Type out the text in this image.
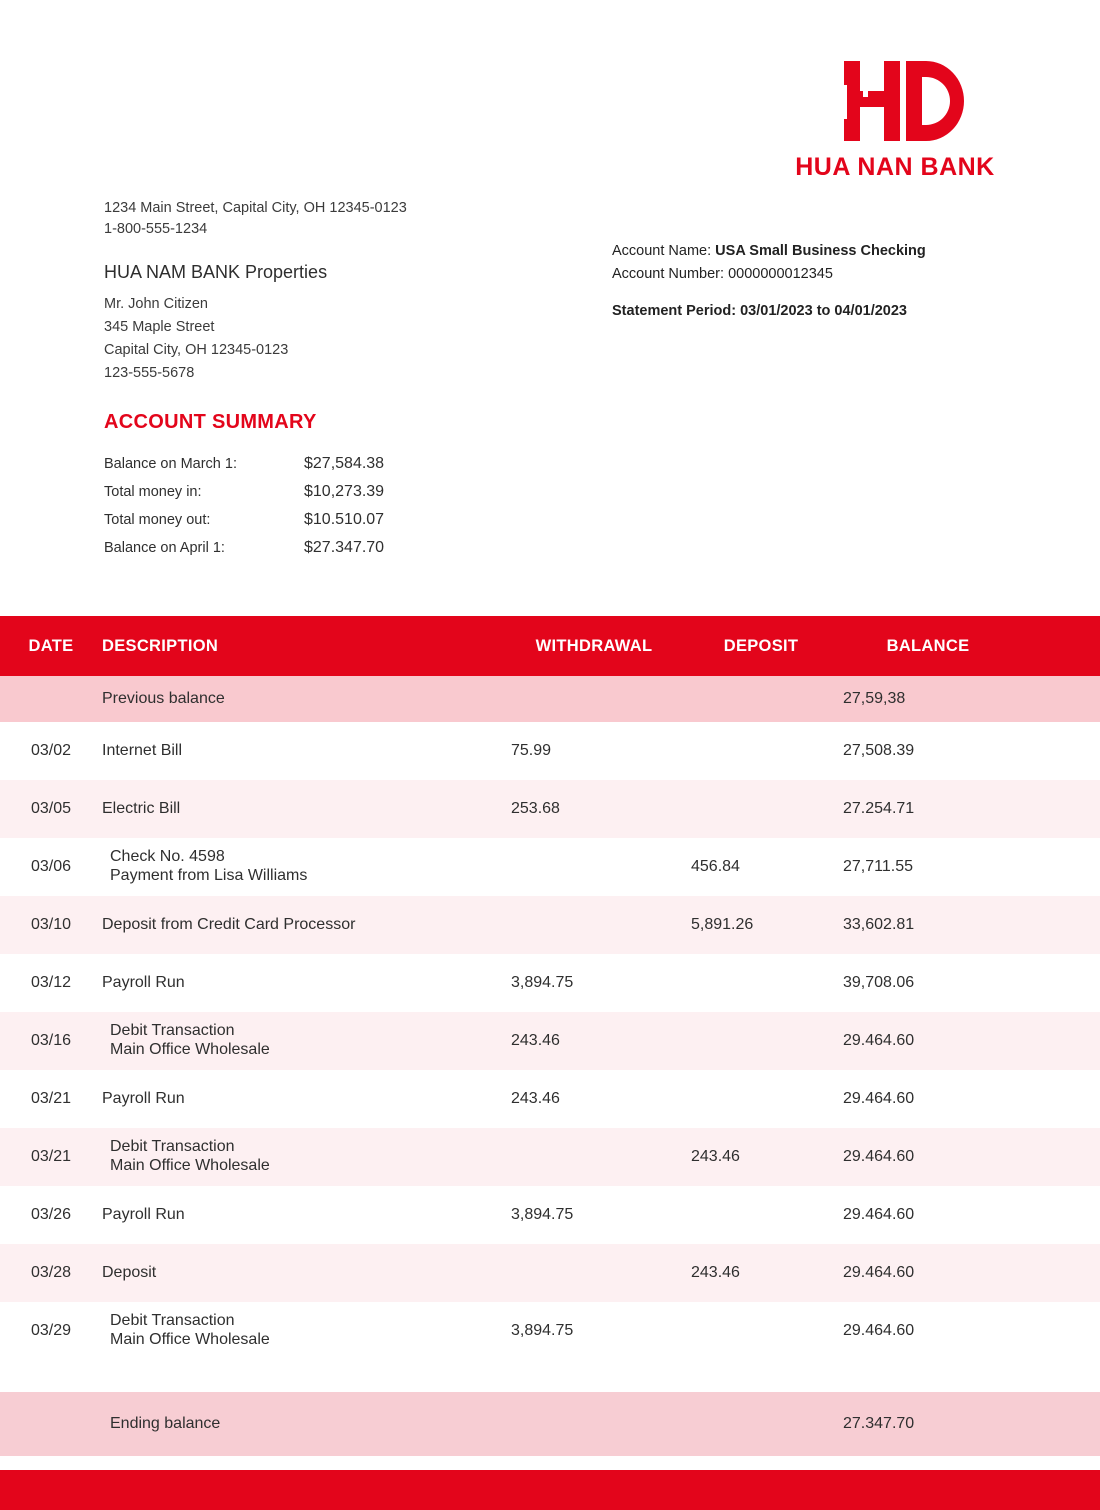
HUA NAN BANK
1234 Main Street, Capital City, OH 12345-0123
1-800-555-1234
HUA NAM BANK Properties
Mr. John Citizen
345 Maple Street
Capital City, OH 12345-0123
123-555-5678
Account Name: USA Small Business Checking
Account Number: 0000000012345
Statement Period: 03/01/2023 to 04/01/2023
ACCOUNT SUMMARY
Balance on March 1:	$27,584.38
Total money in:	$10,273.39
Total money out:	$10.510.07
Balance on April 1:	$27.347.70
DATE	DESCRIPTION	WITHDRAWAL	DEPOSIT	BALANCE	
	Previous balance			27,59,38	
03/02	Internet Bill	75.99		27,508.39	
03/05	Electric Bill	253.68		27.254.71	
03/06	Check No. 4598
Payment from Lisa Williams		456.84	27,711.55	
03/10	Deposit from Credit Card Processor		5,891.26	33,602.81	
03/12	Payroll Run	3,894.75		39,708.06	
03/16	Debit Transaction
Main Office Wholesale	243.46		29.464.60	
03/21	Payroll Run	243.46		29.464.60	
03/21	Debit Transaction
Main Office Wholesale		243.46	29.464.60	
03/26	Payroll Run	3,894.75		29.464.60	
03/28	Deposit		243.46	29.464.60	
03/29	Debit Transaction
Main Office Wholesale	3,894.75		29.464.60	

	Ending balance			27.347.70	
